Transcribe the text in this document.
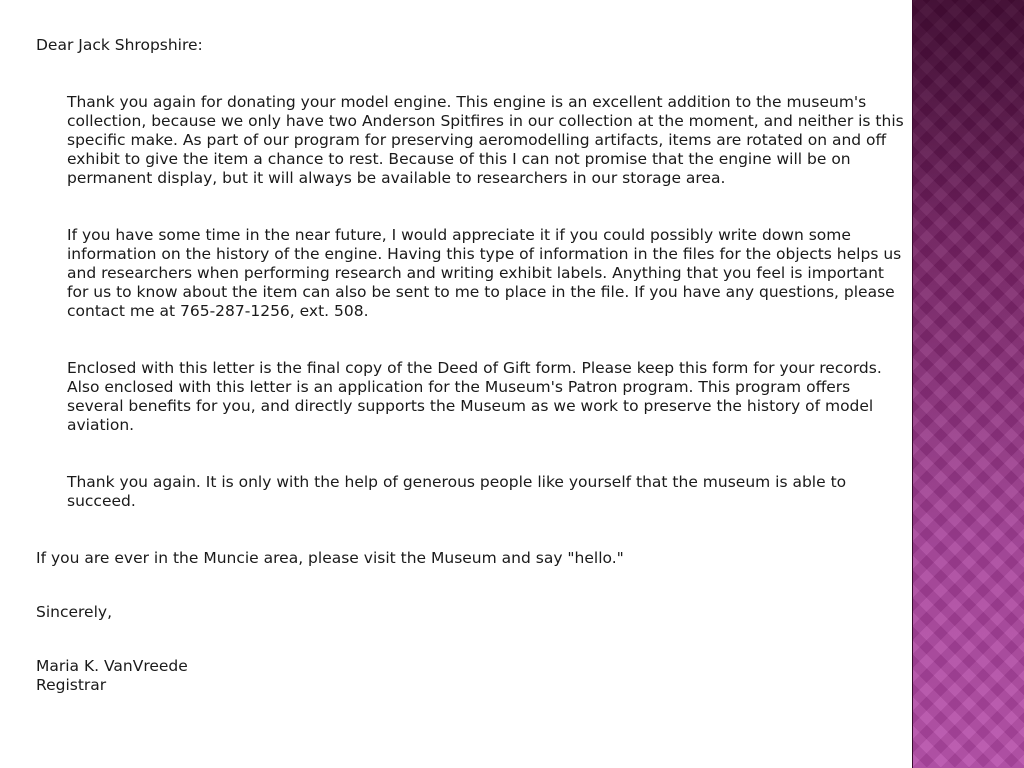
Dear Jack Shropshire:

Thank you again for donating your model engine. This engine is an excellent addition to the museum's collection, because we only have two Anderson Spitfires in our collection at the moment, and neither is this specific make. As part of our program for preserving aeromodelling artifacts, items are rotated on and off exhibit to give the item a chance to rest. Because of this I can not promise that the engine will be on permanent display, but it will always be available to researchers in our storage area.

If you have some time in the near future, I would appreciate it if you could possibly write down some information on the history of the engine. Having this type of information in the files for the objects helps us and researchers when performing research and writing exhibit labels. Anything that you feel is important for us to know about the item can also be sent to me to place in the file. If you have any questions, please contact me at 765-287-1256, ext. 508.

Enclosed with this letter is the final copy of the Deed of Gift form. Please keep this form for your records. Also enclosed with this letter is an application for the Museum's Patron program. This program offers several benefits for you, and directly supports the Museum as we work to preserve the history of model aviation.

Thank you again. It is only with the help of generous people like yourself that the museum is able to succeed.

If you are ever in the Muncie area, please visit the Museum and say "hello."

Sincerely,

Maria K. VanVreede

Registrar
